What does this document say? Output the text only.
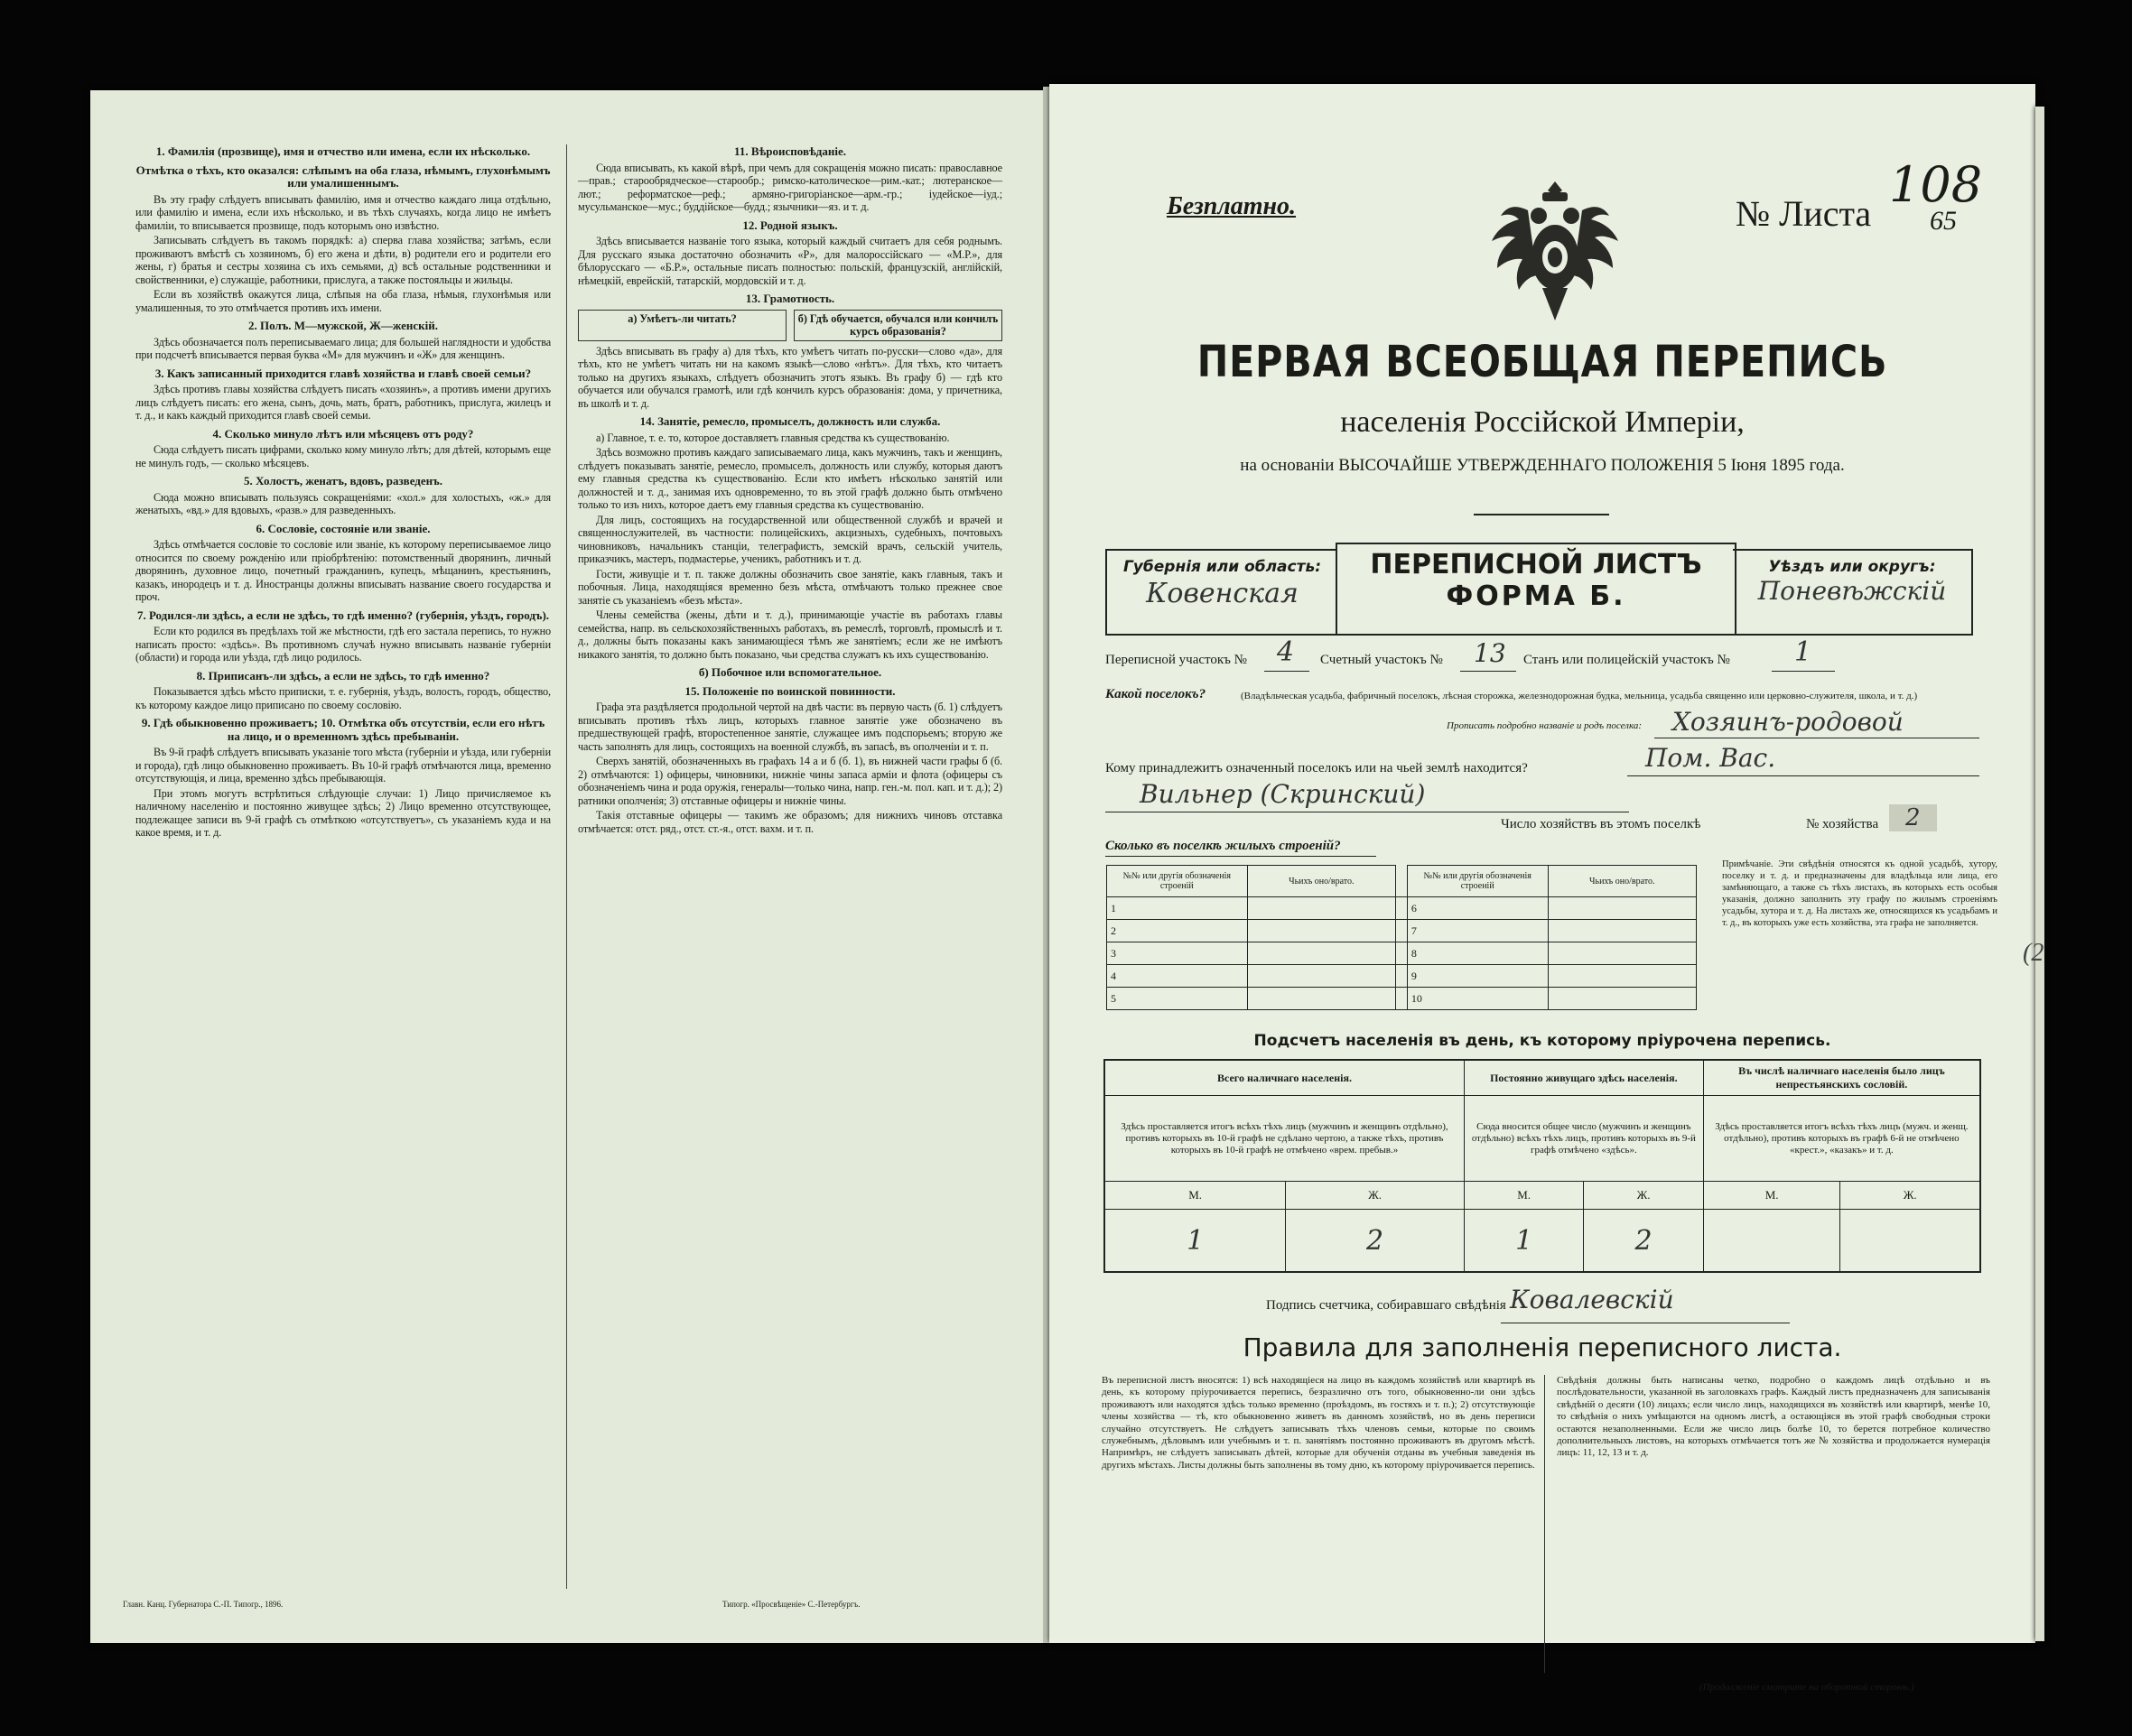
1. Фамилія (прозвище), имя и отчество или имена, если их нѣсколько.
Отмѣтка о тѣхъ, кто оказался: слѣпымъ на оба глаза, нѣмымъ, глухонѣмымъ или умалишеннымъ.
Въ эту графу слѣдуетъ вписывать фамилію, имя и отчество каждаго лица отдѣльно, или фамилію и имена, если ихъ нѣсколько, и въ тѣхъ случаяхъ, когда лицо не имѣетъ фамиліи, то вписывается прозвище, подъ которымъ оно извѣстно.
Записывать слѣдуетъ въ такомъ порядкѣ: а) сперва глава хозяйства; затѣмъ, если проживаютъ вмѣстѣ съ хозяиномъ, б) его жена и дѣти, в) родители его и родители его жены, г) братья и сестры хозяина съ ихъ семьями, д) всѣ остальные родственники и свойственники, е) служащіе, работники, прислуга, а также постояльцы и жильцы.
Если въ хозяйствѣ окажутся лица, слѣпыя на оба глаза, нѣмыя, глухонѣмыя или умалишенныя, то это отмѣчается противъ ихъ имени.
2. Полъ. М—мужской, Ж—женскій.
Здѣсь обозначается полъ переписываемаго лица; для большей наглядности и удобства при подсчетѣ вписывается первая буква «М» для мужчинъ и «Ж» для женщинъ.
3. Какъ записанный приходится главѣ хозяйства и главѣ своей семьи?
Здѣсь противъ главы хозяйства слѣдуетъ писать «хозяинъ», а противъ имени другихъ лицъ слѣдуетъ писать: его жена, сынъ, дочь, мать, братъ, работникъ, прислуга, жилецъ и т. д., и какъ каждый приходится главѣ своей семьи.
4. Сколько минуло лѣтъ или мѣсяцевъ отъ роду?
Сюда слѣдуетъ писать цифрами, сколько кому минуло лѣтъ; для дѣтей, которымъ еще не минулъ годъ, — сколько мѣсяцевъ.
5. Холостъ, женатъ, вдовъ, разведенъ.
Сюда можно вписывать пользуясь сокращеніями: «хол.» для холостыхъ, «ж.» для женатыхъ, «вд.» для вдовыхъ, «разв.» для разведенныхъ.
6. Сословіе, состояніе или званіе.
Здѣсь отмѣчается сословіе то сословіе или званіе, къ которому переписываемое лицо относится по своему рожденію или пріобрѣтенію: потомственный дворянинъ, личный дворянинъ, духовное лицо, почетный гражданинъ, купецъ, мѣщанинъ, крестьянинъ, казакъ, инородецъ и т. д. Иностранцы должны вписывать название своего государства и проч.
7. Родился-ли здѣсь, а если не здѣсь, то гдѣ именно? (губернія, уѣздъ, городъ).
Если кто родился въ предѣлахъ той же мѣстности, гдѣ его застала перепись, то нужно написать просто: «здѣсь». Въ противномъ случаѣ нужно вписывать названіе губерніи (области) и города или уѣзда, гдѣ лицо родилось.
8. Приписанъ-ли здѣсь, а если не здѣсь, то гдѣ именно?
Показывается здѣсь мѣсто приписки, т. е. губернія, уѣздъ, волость, городъ, общество, къ которому каждое лицо приписано по своему сословію.
9. Гдѣ обыкновенно проживаетъ; 10. Отмѣтка объ отсутствіи, если его нѣтъ на лицо, и о временномъ здѣсь пребываніи.
Въ 9-й графѣ слѣдуетъ вписывать указаніе того мѣста (губерніи и уѣзда, или губерніи и города), гдѣ лицо обыкновенно проживаетъ. Въ 10-й графѣ отмѣчаются лица, временно отсутствующія, и лица, временно здѣсь пребывающія.
При этомъ могутъ встрѣтиться слѣдующіе случаи: 1) Лицо причисляемое къ наличному населенію и постоянно живущее здѣсь; 2) Лицо временно отсутствующее, подлежащее записи въ 9-й графѣ съ отмѣткою «отсутствуетъ», съ указаніемъ куда и на какое время, и т. д.
11. Вѣроисповѣданіе.
Сюда вписывать, къ какой вѣрѣ, при чемъ для сокращенія можно писать: православное—прав.; старообрядческое—старообр.; римско-католическое—рим.-кат.; лютеранское—лют.; реформатское—реф.; армяно-григоріанское—арм.-гр.; іудейское—іуд.; мусульманское—мус.; буддійское—будд.; язычники—яз. и т. д.
12. Родной языкъ.
Здѣсь вписывается названіе того языка, который каждый считаетъ для себя роднымъ. Для русскаго языка достаточно обозначить «Р», для малороссійскаго — «М.Р.», для бѣлорусскаго — «Б.Р.», остальные писать полностью: польскій, французскій, англійскій, нѣмецкій, еврейскій, татарскій, мордовскій и т. д.
13. Грамотность.
а) Умѣетъ-ли читать?	б) Гдѣ обучается, обучался или кончилъ курсъ образованія?
Здѣсь вписывать въ графу а) для тѣхъ, кто умѣетъ читать по-русски—слово «да», для тѣхъ, кто не умѣетъ читать ни на какомъ языкѣ—слово «нѣтъ». Для тѣхъ, кто читаетъ только на другихъ языкахъ, слѣдуетъ обозначить этотъ языкъ. Въ графу б) — гдѣ кто обучается или обучался грамотѣ, или гдѣ кончилъ курсъ образованія: дома, у причетника, въ школѣ и т. д.
14. Занятіе, ремесло, промыселъ, должность или служба.
а) Главное, т. е. то, которое доставляетъ главныя средства къ существованію.
Здѣсь возможно противъ каждаго записываемаго лица, какъ мужчинъ, такъ и женщинъ, слѣдуетъ показывать занятіе, ремесло, промыселъ, должность или службу, которыя даютъ ему главныя средства къ существованію. Если кто имѣетъ нѣсколько занятій или должностей и т. д., занимая ихъ одновременно, то въ этой графѣ должно быть отмѣчено только то изъ нихъ, которое даетъ ему главныя средства къ существованію.
Для лицъ, состоящихъ на государственной или общественной службѣ и врачей и священнослужителей, въ частности: полицейскихъ, акцизныхъ, судебныхъ, почтовыхъ чиновниковъ, начальникъ станціи, телеграфистъ, земскій врачъ, сельскій учитель, приказчикъ, мастеръ, подмастерье, ученикъ, работникъ и т. д.
Гости, живущіе и т. п. также должны обозначить свое занятіе, какъ главныя, такъ и побочныя. Лица, находящіяся временно безъ мѣста, отмѣчаютъ только прежнее свое занятіе съ указаніемъ «безъ мѣста».
Члены семейства (жены, дѣти и т. д.), принимающіе участіе въ работахъ главы семейства, напр. въ сельскохозяйственныхъ работахъ, въ ремеслѣ, торговлѣ, промыслѣ и т. д., должны быть показаны какъ занимающіеся тѣмъ же занятіемъ; если же не имѣютъ никакого занятія, то должно быть показано, чьи средства служатъ къ ихъ существованію.
б) Побочное или вспомогательное.
15. Положеніе по воинской повинности.
Графа эта раздѣляется продольной чертой на двѣ части: въ первую часть (б. 1) слѣдуетъ вписывать противъ тѣхъ лицъ, которыхъ главное занятіе уже обозначено въ предшествующей графѣ, второстепенное занятіе, служащее имъ подспорьемъ; вторую же часть заполнять для лицъ, состоящихъ на военной службѣ, въ запасѣ, въ ополченіи и т. п.
Сверхъ занятій, обозначенныхъ въ графахъ 14 а и б (б. 1), въ нижней части графы б (б. 2) отмѣчаются: 1) офицеры, чиновники, нижніе чины запаса арміи и флота (офицеры съ обозначеніемъ чина и рода оружія, генералы—только чина, напр. ген.-м. пол. кап. и т. д.); 2) ратники ополченія; 3) отставные офицеры и нижніе чины.
Такія отставные офицеры — такимъ же образомъ; для нижнихъ чиновъ отставка отмѣчается: отст. ряд., отст. ст.-я., отст. вахм. и т. п.
Главн. Канц. Губернатора С.-П. Типогр., 1896.	Типогр. «Просвѣщеніе» С.-Петербургъ.
Безплатно.	№ Листа
108
65
ПЕРВАЯ ВСЕОБЩАЯ ПЕРЕПИСЬ
населенія Россійской Имперіи,
на основаніи ВЫСОЧАЙШЕ УТВЕРЖДЕННАГО ПОЛОЖЕНІЯ 5 Іюня 1895 года.
Губернія или область:
Ковенская
ПЕРЕПИСНОЙ ЛИСТЪ
ФОРМА Б.
Уѣздъ или округъ:
Поневѣжскій
Переписной участокъ № 4 Счетный участокъ № 13 Станъ или полицейскій участокъ № 1
Какой поселокъ?	(Владѣльческая усадьба, фабричный поселокъ, лѣсная сторожка, железнодорожная будка, мельница, усадьба священно или церковно-служителя, школа, и т. д.)
Прописать подробно названіе и родъ поселка: Хозяинъ-родовой
Кому принадлежитъ означенный поселокъ или на чьей землѣ находится?	Пом. Вас.
Вильнер (Скринский)
Число хозяйствъ въ этомъ поселкѣ	№ хозяйства	2
Сколько въ поселкѣ жилыхъ строеній?
№№ или другія обозначенія строеній	Чьихъ оно/врато.		№№ или другія обозначенія строеній	Чьихъ оно/врато.
1			6	
2			7	
3			8	
4			9	
5			10	
Примѣчаніе. Эти свѣдѣнія относятся къ одной усадьбѣ, хутору, поселку и т. д. и предназначены для владѣльца или лица, его замѣняющаго, а также съ тѣхъ листахъ, въ которыхъ есть особыя указанія, должно заполнить эту графу по жилымъ строеніямъ усадьбы, хутора и т. д. На листахъ же, относящихся къ усадьбамъ и т. д., въ которыхъ уже есть хозяйства, эта графа не заполняется.
Подсчетъ населенія въ день, къ которому пріурочена перепись.
Всего наличнаго населенія.		Постоянно живущаго здѣсь населенія.		Въ числѣ наличнаго населенія было лицъ непрестьянскихъ сословій.	
Здѣсь проставляется итогъ всѣхъ тѣхъ лицъ (мужчинъ и женщинъ отдѣльно), противъ которыхъ въ 10-й графѣ не сдѣлано чертою, а также тѣхъ, противъ которыхъ въ 10-й графѣ не отмѣчено «врем. пребыв.»		Сюда вносится общее число (мужчинъ и женщинъ отдѣльно) всѣхъ тѣхъ лицъ, противъ которыхъ въ 9-й графѣ отмѣчено «здѣсь».		Здѣсь проставляется итогъ всѣхъ тѣхъ лицъ (мужч. и женщ. отдѣльно), противъ которыхъ въ графѣ 6-й не отмѣчено «крест.», «казакъ» и т. д.	
М.	Ж.	М.	Ж.	М.	Ж.
1	2	1	2		
Подпись счетчика, собиравшаго свѣдѣнія Ковалевскій
Правила для заполненія переписного листа.
Въ переписной листъ вносятся: 1) всѣ находящіеся на лицо въ каждомъ хозяйствѣ или квартирѣ въ день, къ которому пріурочивается перепись, безразлично отъ того, обыкновенно-ли они здѣсь проживаютъ или находятся здѣсь только временно (проѣздомъ, въ гостяхъ и т. п.); 2) отсутствующіе члены хозяйства — тѣ, кто обыкновенно живетъ въ данномъ хозяйствѣ, но въ день переписи случайно отсутствуетъ. Не слѣдуетъ записывать тѣхъ членовъ семьи, которые по своимъ служебнымъ, дѣловымъ или учебнымъ и т. п. занятіямъ постоянно проживаютъ въ другомъ мѣстѣ. Напримѣръ, не слѣдуетъ записывать дѣтей, которые для обученія отданы въ учебныя заведенія въ другихъ мѣстахъ. Листы должны быть заполнены въ тому дню, къ которому пріурочивается перепись.
Свѣдѣнія должны быть написаны четко, подробно о каждомъ лицѣ отдѣльно и въ послѣдовательности, указанной въ заголовкахъ графъ. Каждый листъ предназначенъ для записыванія свѣдѣній о десяти (10) лицахъ; если число лицъ, находящихся въ хозяйствѣ или квартирѣ, менѣе 10, то свѣдѣнія о нихъ умѣщаются на одномъ листѣ, а остающіяся въ этой графѣ свободныя строки остаются незаполненными. Если же число лицъ болѣе 10, то берется потребное количество дополнительныхъ листовъ, на которыхъ отмѣчается тотъ же № хозяйства и продолжается нумерація лицъ: 11, 12, 13 и т. д.
(Продолженіе смотрите на оборотной сторонѣ.)
(2
